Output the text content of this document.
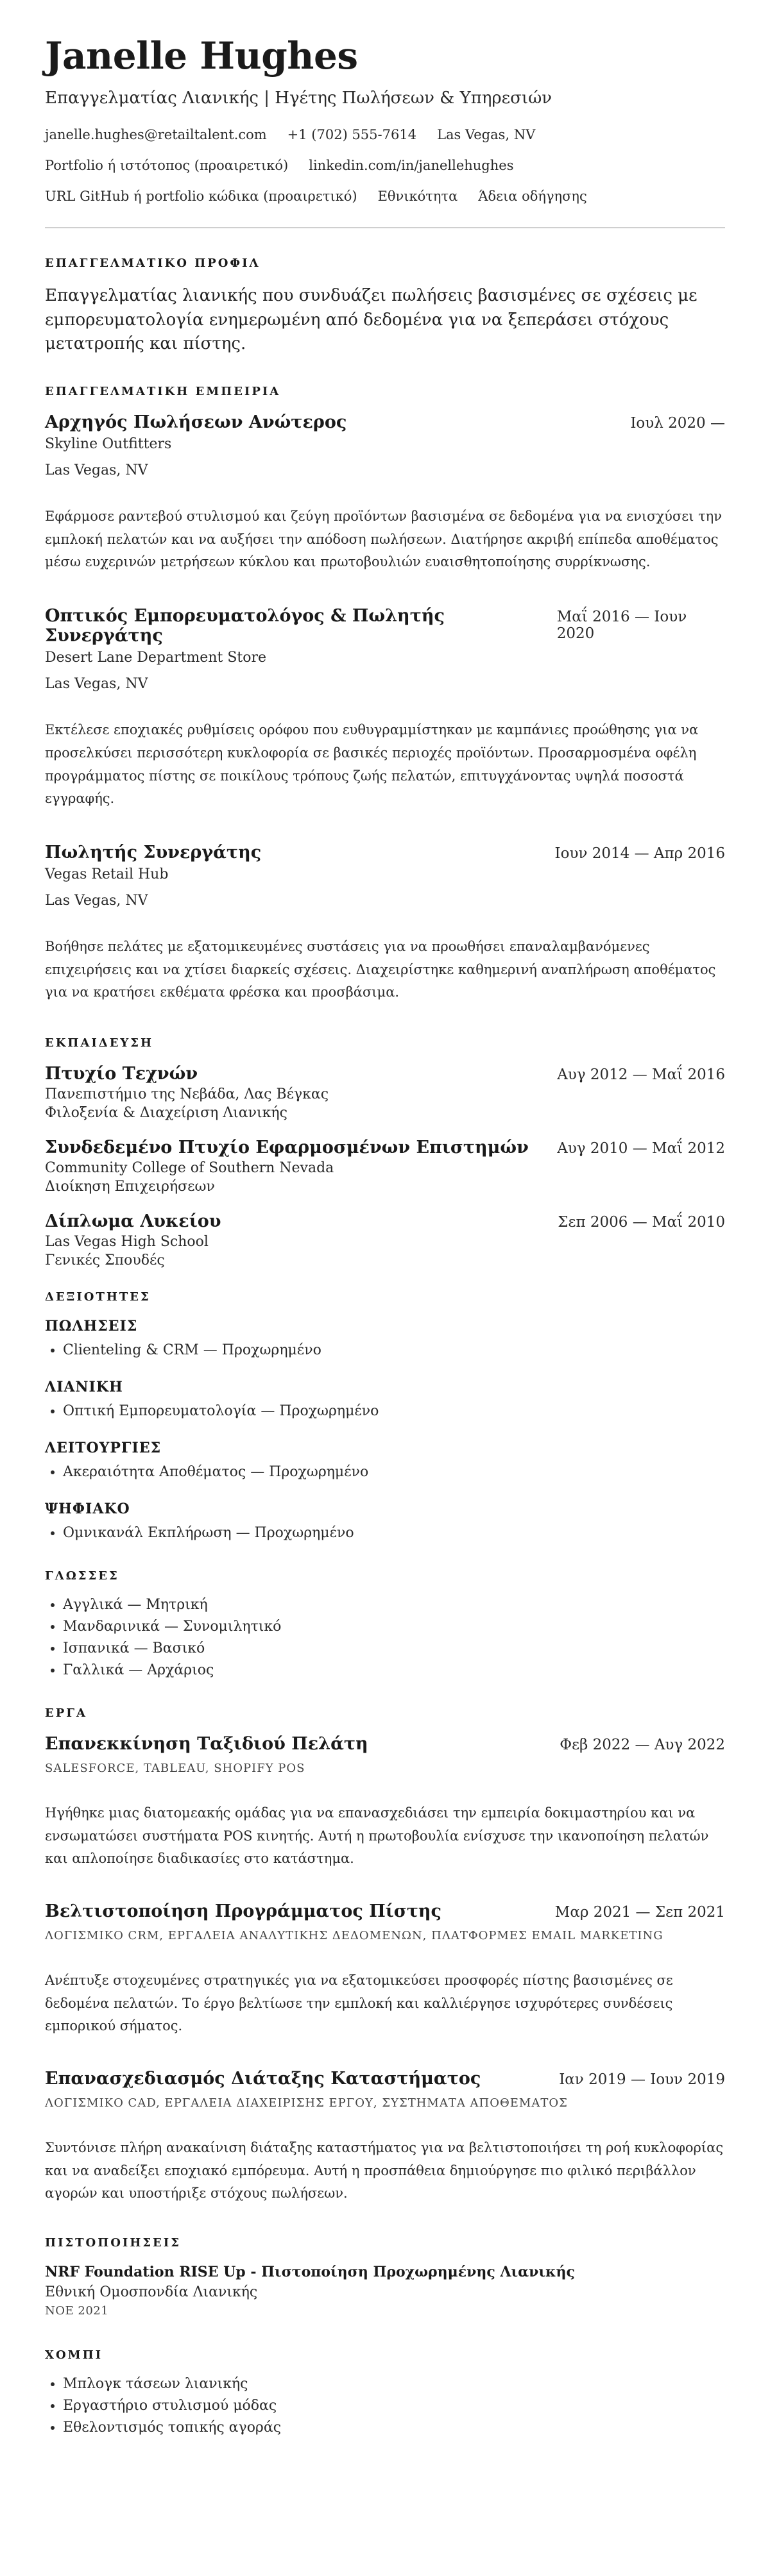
Janelle Hughes
Επαγγελματίας Λιανικής | Ηγέτης Πωλήσεων & Υπηρεσιών
janelle.hughes@retailtalent.com +1 (702) 555-7614 Las Vegas, NV
Portfolio ή ιστότοπος (προαιρετικό) linkedin.com/in/janellehughes
URL GitHub ή portfolio κώδικα (προαιρετικό) Εθνικότητα Άδεια οδήγησης
ΕΠΑΓΓΕΛΜΑΤΙΚΟ ΠΡΟΦΙΛ
Επαγγελματίας λιανικής που συνδυάζει πωλήσεις βασισμένες σε σχέσεις με εμπορευματολογία ενημερωμένη από δεδομένα για να ξεπεράσει στόχους μετατροπής και πίστης.
ΕΠΑΓΓΕΛΜΑΤΙΚΗ ΕΜΠΕΙΡΙΑ
Αρχηγός Πωλήσεων Ανώτερος	Ιουλ 2020 —
Skyline Outfitters
Las Vegas, NV
Εφάρμοσε ραντεβού στυλισμού και ζεύγη προϊόντων βασισμένα σε δεδομένα για να ενισχύσει την εμπλοκή πελατών και να αυξήσει την απόδοση πωλήσεων. Διατήρησε ακριβή επίπεδα αποθέματος μέσω ευχερινών μετρήσεων κύκλου και πρωτοβουλιών ευαισθητοποίησης συρρίκνωσης.
Οπτικός Εμπορευματολόγος & Πωλητής Συνεργάτης
Μαΐ 2016 — Ιουν 2020
Desert Lane Department Store
Las Vegas, NV
Εκτέλεσε εποχιακές ρυθμίσεις ορόφου που ευθυγραμμίστηκαν με καμπάνιες προώθησης για να προσελκύσει περισσότερη κυκλοφορία σε βασικές περιοχές προϊόντων. Προσαρμοσμένα οφέλη προγράμματος πίστης σε ποικίλους τρόπους ζωής πελατών, επιτυγχάνοντας υψηλά ποσοστά εγγραφής.
Πωλητής Συνεργάτης	Ιουν 2014 — Απρ 2016
Vegas Retail Hub
Las Vegas, NV
Βοήθησε πελάτες με εξατομικευμένες συστάσεις για να προωθήσει επαναλαμβανόμενες επιχειρήσεις και να χτίσει διαρκείς σχέσεις. Διαχειρίστηκε καθημερινή αναπλήρωση αποθέματος για να κρατήσει εκθέματα φρέσκα και προσβάσιμα.
ΕΚΠΑΙΔΕΥΣΗ
Πτυχίο Τεχνών	Αυγ 2012 — Μαΐ 2016
Πανεπιστήμιο της Νεβάδα, Λας Βέγκας
Φιλοξενία & Διαχείριση Λιανικής
Συνδεδεμένο Πτυχίο Εφαρμοσμένων Επιστημών Αυγ 2010 — Μαΐ 2012
Community College of Southern Nevada
Διοίκηση Επιχειρήσεων
Δίπλωμα Λυκείου	Σεπ 2006 — Μαΐ 2010
Las Vegas High School
Γενικές Σπουδές
ΔΕΞΙΟΤΗΤΕΣ
ΠΩΛΗΣΕΙΣ
• Clienteling & CRM — Προχωρημένο
ΛΙΑΝΙΚΗ
• Οπτική Εμπορευματολογία — Προχωρημένο
ΛΕΙΤΟΥΡΓΙΕΣ
• Ακεραιότητα Αποθέματος — Προχωρημένο
ΨΗΦΙΑΚΟ
• Ομνικανάλ Εκπλήρωση — Προχωρημένο
ΓΛΩΣΣΕΣ
• Αγγλικά — Μητρική
• Μανδαρινικά — Συνομιλητικό
• Ισπανικά — Βασικό
• Γαλλικά — Αρχάριος
ΕΡΓΑ
Επανεκκίνηση Ταξιδιού Πελάτη	Φεβ 2022 — Αυγ 2022
SALESFORCE, TABLEAU, SHOPIFY POS
Ηγήθηκε μιας διατομεακής ομάδας για να επανασχεδιάσει την εμπειρία δοκιμαστηρίου και να ενσωματώσει συστήματα POS κινητής. Αυτή η πρωτοβουλία ενίσχυσε την ικανοποίηση πελατών και απλοποίησε διαδικασίες στο κατάστημα.
Βελτιστοποίηση Προγράμματος Πίστης	Μαρ 2021 — Σεπ 2021
ΛΟΓΙΣΜΙΚΟ CRM, ΕΡΓΑΛΕΙΑ ΑΝΑΛΥΤΙΚΗΣ ΔΕΔΟΜΕΝΩΝ, ΠΛΑΤΦΟΡΜΕΣ EMAIL MARKETING
Ανέπτυξε στοχευμένες στρατηγικές για να εξατομικεύσει προσφορές πίστης βασισμένες σε δεδομένα πελατών. Το έργο βελτίωσε την εμπλοκή και καλλιέργησε ισχυρότερες συνδέσεις εμπορικού σήματος.
Επανασχεδιασμός Διάταξης Καταστήματος	Ιαν 2019 — Ιουν 2019
ΛΟΓΙΣΜΙΚΟ CAD, ΕΡΓΑΛΕΙΑ ΔΙΑΧΕΙΡΙΣΗΣ ΕΡΓΟΥ, ΣΥΣΤΗΜΑΤΑ ΑΠΟΘΕΜΑΤΟΣ
Συντόνισε πλήρη ανακαίνιση διάταξης καταστήματος για να βελτιστοποιήσει τη ροή κυκλοφορίας και να αναδείξει εποχιακό εμπόρευμα. Αυτή η προσπάθεια δημιούργησε πιο φιλικό περιβάλλον αγορών και υποστήριξε στόχους πωλήσεων.
ΠΙΣΤΟΠΟΙΗΣΕΙΣ
NRF Foundation RISE Up - Πιστοποίηση Προχωρημένης Λιανικής
Εθνική Ομοσπονδία Λιανικής
ΝΟΕ 2021
ΧΟΜΠΙ
• Μπλογκ τάσεων λιανικής
• Εργαστήριο στυλισμού μόδας
• Εθελοντισμός τοπικής αγοράς
